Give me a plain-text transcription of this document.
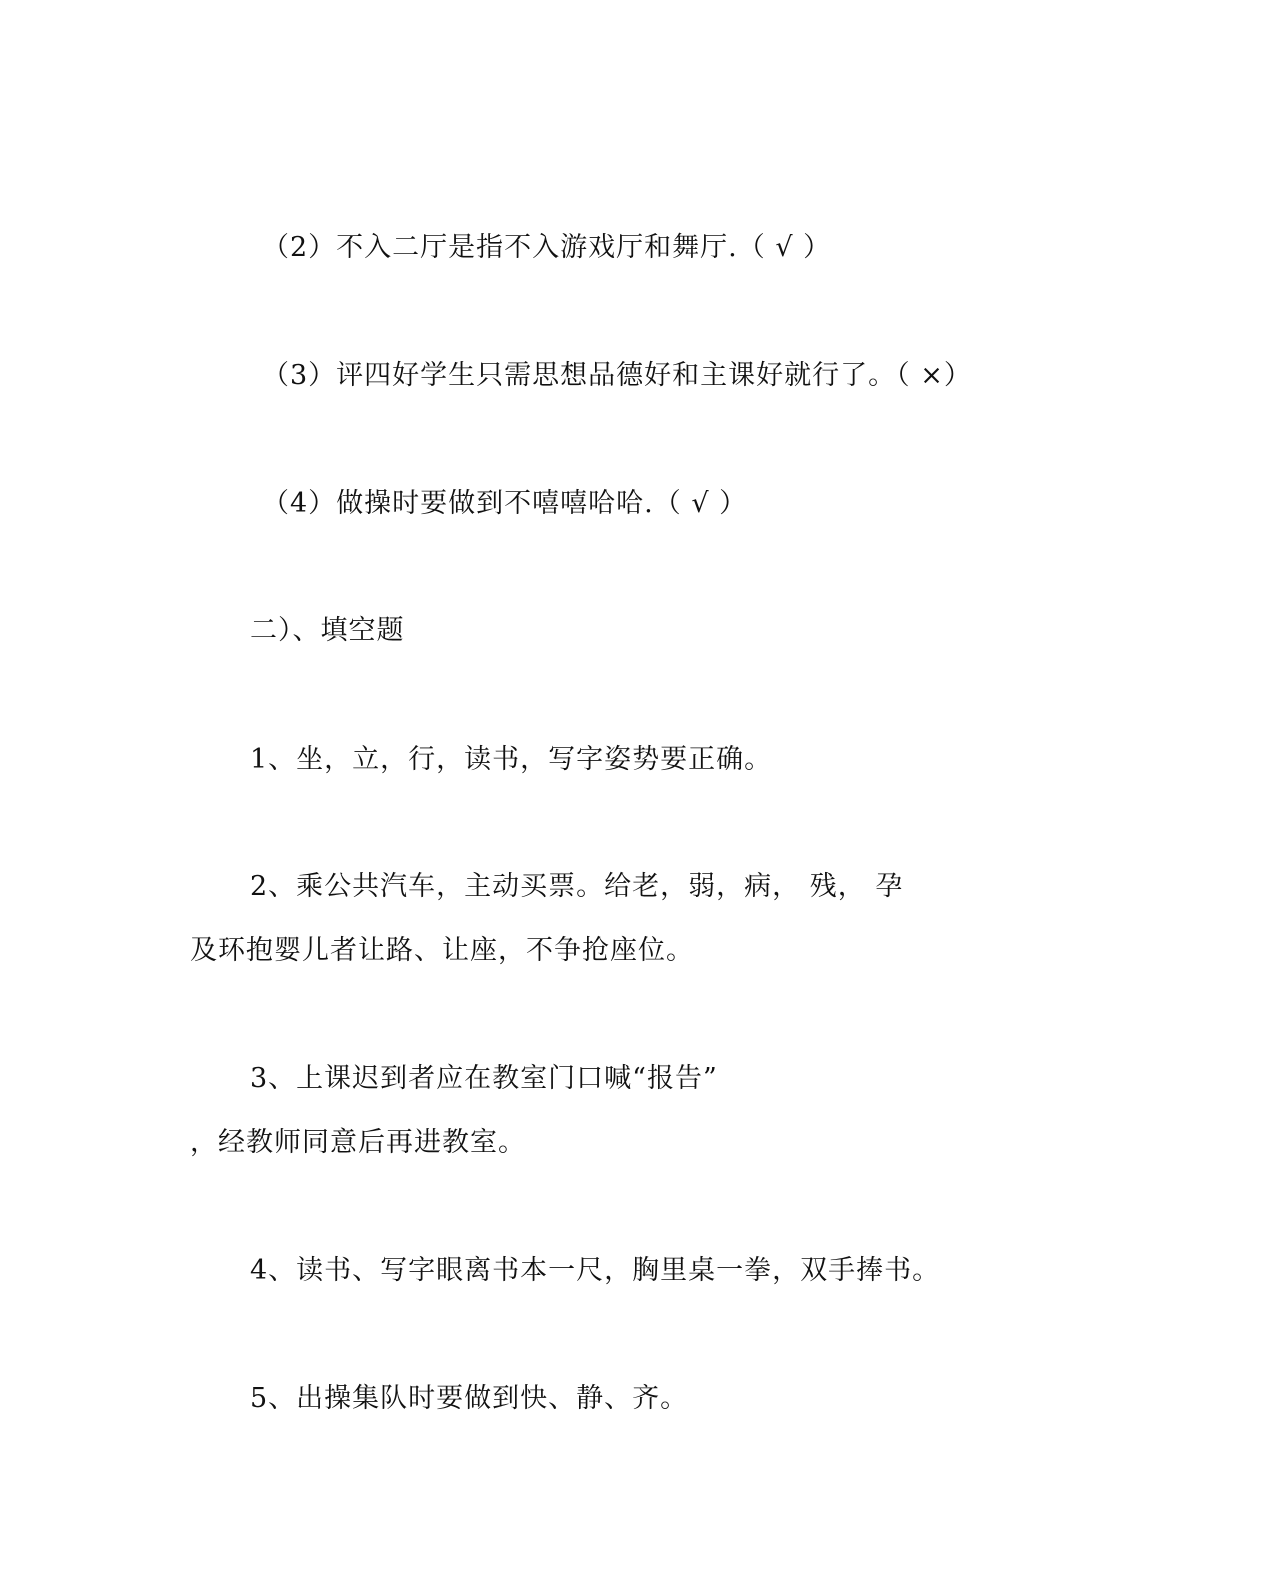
（2）不入二厅是指不入游戏厅和舞厅.（ √ ）
（3）评四好学生只需思想品德好和主课好就行了。（ ×）
（4）做操时要做到不嘻嘻哈哈.（ √ ）
二）、填空题
1、坐，立，行，读书，写字姿势要正确。
2、乘公共汽车，主动买票。给老，弱，病， 残， 孕
及环抱婴儿者让路、让座，不争抢座位。
3、上课迟到者应在教室门口喊“报告”
，经教师同意后再进教室。
4、读书、写字眼离书本一尺，胸里桌一拳，双手捧书。
5、出操集队时要做到快、静、齐。
